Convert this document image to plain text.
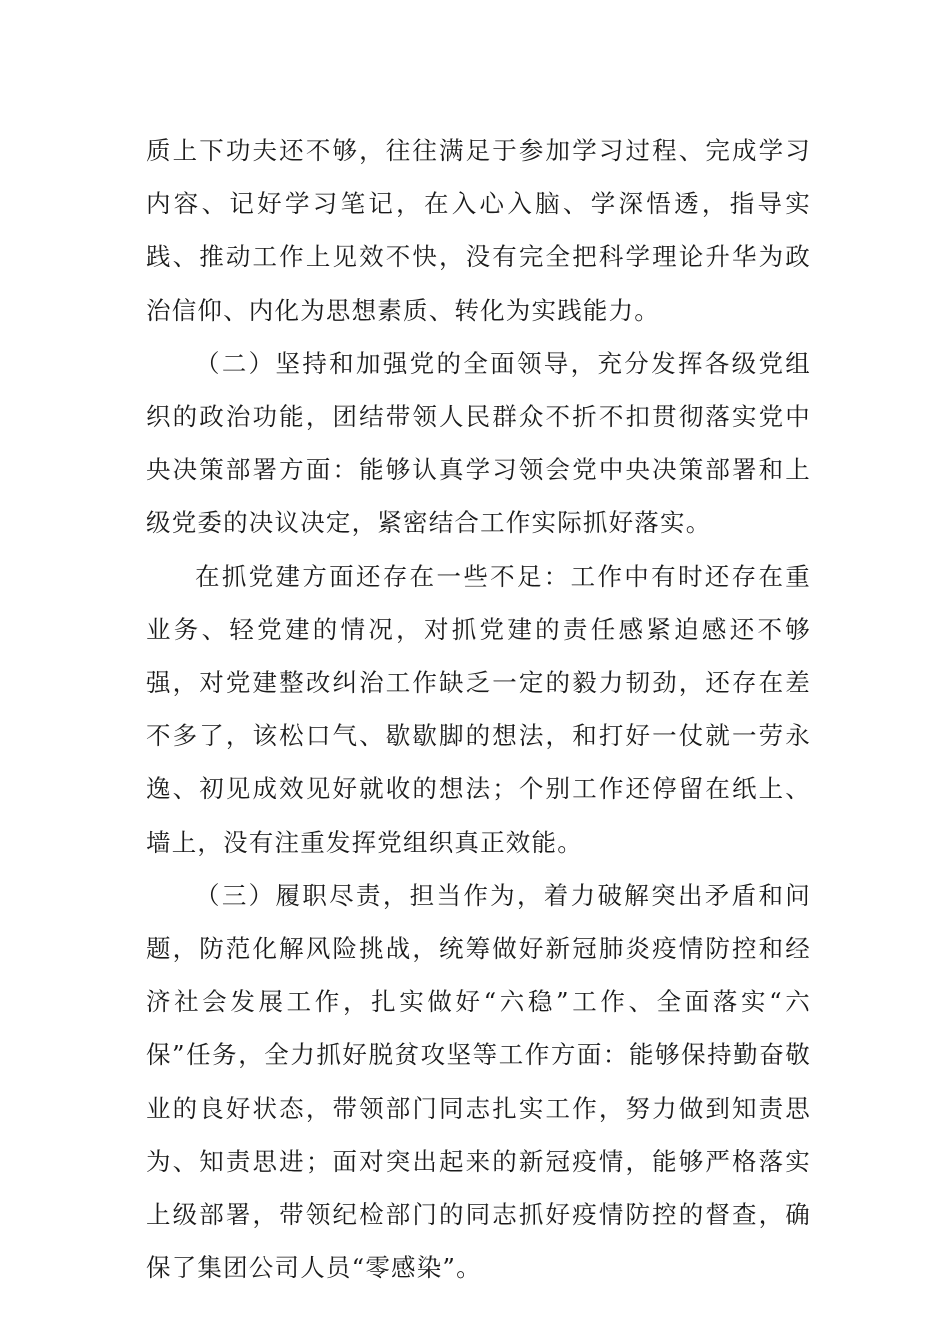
质上下功夫还不够，往往满足于参加学习过程、完成学习内容、记好学习笔记，在入心入脑、学深悟透，指导实践、推动工作上见效不快，没有完全把科学理论升华为政治信仰、内化为思想素质、转化为实践能力。

（二）坚持和加强党的全面领导，充分发挥各级党组织的政治功能，团结带领人民群众不折不扣贯彻落实党中央决策部署方面：能够认真学习领会党中央决策部署和上级党委的决议决定，紧密结合工作实际抓好落实。

在抓党建方面还存在一些不足：工作中有时还存在重业务、轻党建的情况，对抓党建的责任感紧迫感还不够强，对党建整改纠治工作缺乏一定的毅力韧劲，还存在差不多了，该松口气、歇歇脚的想法，和打好一仗就一劳永逸、初见成效见好就收的想法；个别工作还停留在纸上、墙上，没有注重发挥党组织真正效能。

（三）履职尽责，担当作为，着力破解突出矛盾和问题，防范化解风险挑战，统筹做好新冠肺炎疫情防控和经济社会发展工作，扎实做好“六稳”工作、全面落实“六保”任务，全力抓好脱贫攻坚等工作方面：能够保持勤奋敬业的良好状态，带领部门同志扎实工作，努力做到知责思为、知责思进；面对突出起来的新冠疫情，能够严格落实上级部署，带领纪检部门的同志抓好疫情防控的督查，确保了集团公司人员“零感染”。
